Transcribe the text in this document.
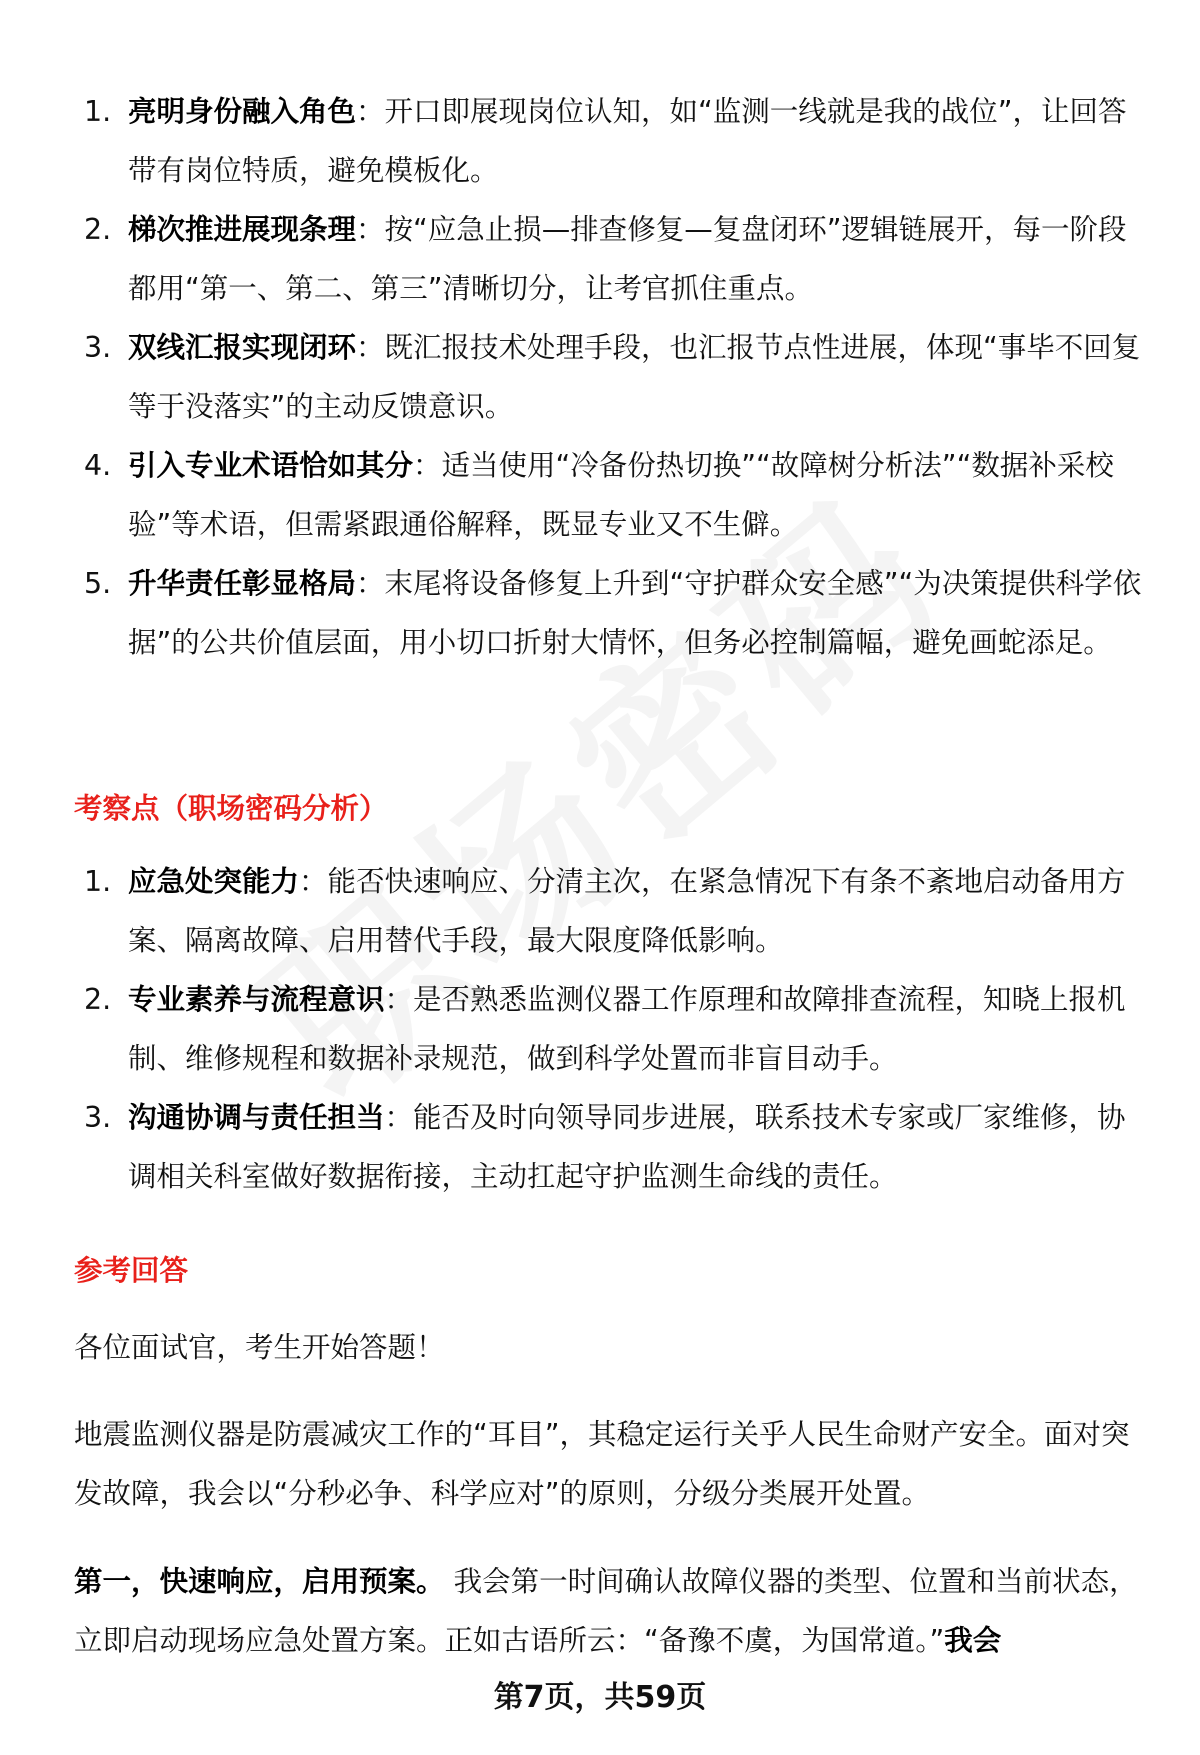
1. 亮明身份融入角色：开口即展现岗位认知，如“监测一线就是我的战位”，让回答带有岗位特质，避免模板化。
2. 梯次推进展现条理：按“应急止损—排查修复—复盘闭环”逻辑链展开，每一阶段都用“第一、第二、第三”清晰切分，让考官抓住重点。
3. 双线汇报实现闭环：既汇报技术处理手段，也汇报节点性进展，体现“事毕不回复等于没落实”的主动反馈意识。
4. 引入专业术语恰如其分：适当使用“冷备份热切换”“故障树分析法”“数据补采校验”等术语，但需紧跟通俗解释，既显专业又不生僻。
5. 升华责任彰显格局：末尾将设备修复上升到“守护群众安全感”“为决策提供科学依据”的公共价值层面，用小切口折射大情怀，但务必控制篇幅，避免画蛇添足。
考察点（职场密码分析）
1. 应急处突能力：能否快速响应、分清主次，在紧急情况下有条不紊地启动备用方案、隔离故障、启用替代手段，最大限度降低影响。
2. 专业素养与流程意识：是否熟悉监测仪器工作原理和故障排查流程，知晓上报机制、维修规程和数据补录规范，做到科学处置而非盲目动手。
3. 沟通协调与责任担当：能否及时向领导同步进展，联系技术专家或厂家维修，协调相关科室做好数据衔接，主动扛起守护监测生命线的责任。
参考回答
各位面试官，考生开始答题！
地震监测仪器是防震减灾工作的“耳目”，其稳定运行关乎人民生命财产安全。面对突发故障，我会以“分秒必争、科学应对”的原则，分级分类展开处置。
第一，快速响应，启用预案。 我会第一时间确认故障仪器的类型、位置和当前状态，立即启动现场应急处置方案。正如古语所云：“备豫不虞，为国常道。”我会
第7页，共59页
